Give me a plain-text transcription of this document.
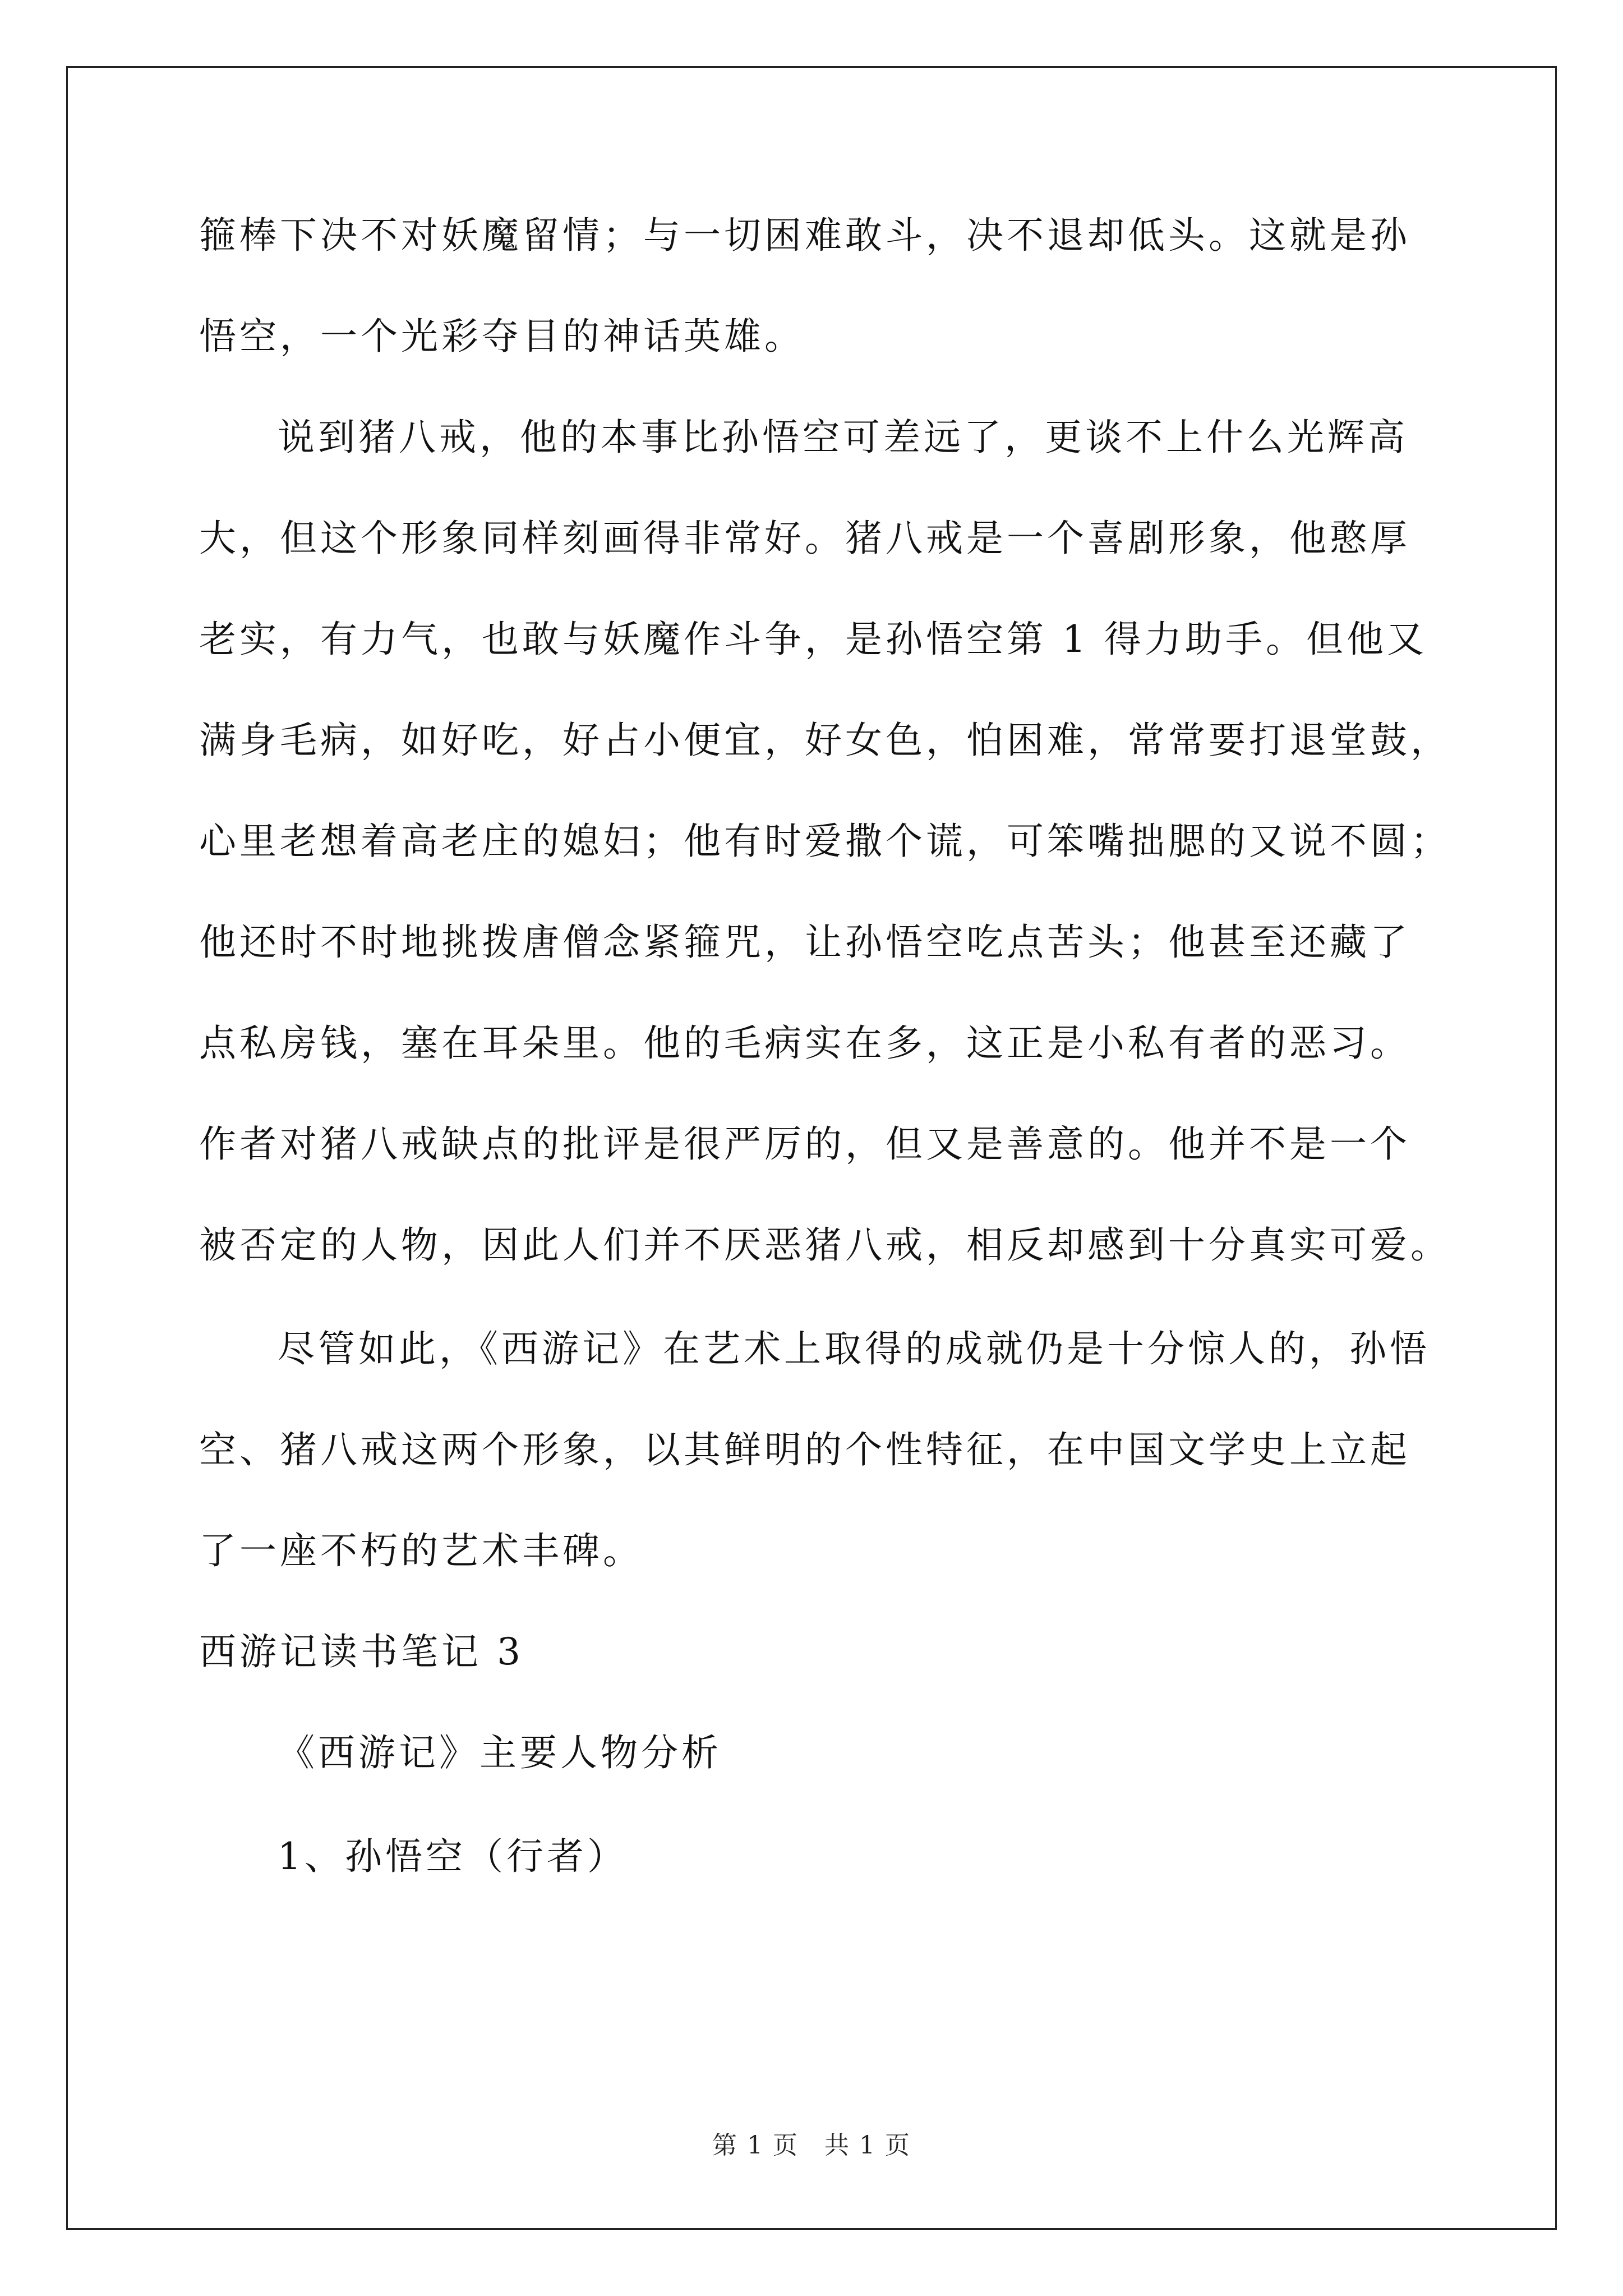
箍棒下决不对妖魔留情；与一切困难敢斗，决不退却低头。这就是孙
悟空，一个光彩夺目的神话英雄。
说到猪八戒，他的本事比孙悟空可差远了，更谈不上什么光辉高
大，但这个形象同样刻画得非常好。猪八戒是一个喜剧形象，他憨厚
老实，有力气，也敢与妖魔作斗争，是孙悟空第 1 得力助手。但他又
满身毛病，如好吃，好占小便宜，好女色，怕困难，常常要打退堂鼓，
心里老想着高老庄的媳妇；他有时爱撒个谎，可笨嘴拙腮的又说不圆；
他还时不时地挑拨唐僧念紧箍咒，让孙悟空吃点苦头；他甚至还藏了
点私房钱，塞在耳朵里。他的毛病实在多，这正是小私有者的恶习。
作者对猪八戒缺点的批评是很严厉的，但又是善意的。他并不是一个
被否定的人物，因此人们并不厌恶猪八戒，相反却感到十分真实可爱。
尽管如此，《西游记》在艺术上取得的成就仍是十分惊人的，孙悟
空、猪八戒这两个形象，以其鲜明的个性特征，在中国文学史上立起
了一座不朽的艺术丰碑。
西游记读书笔记 3
《西游记》主要人物分析
1、孙悟空（行者）
第 1 页　共 1 页
